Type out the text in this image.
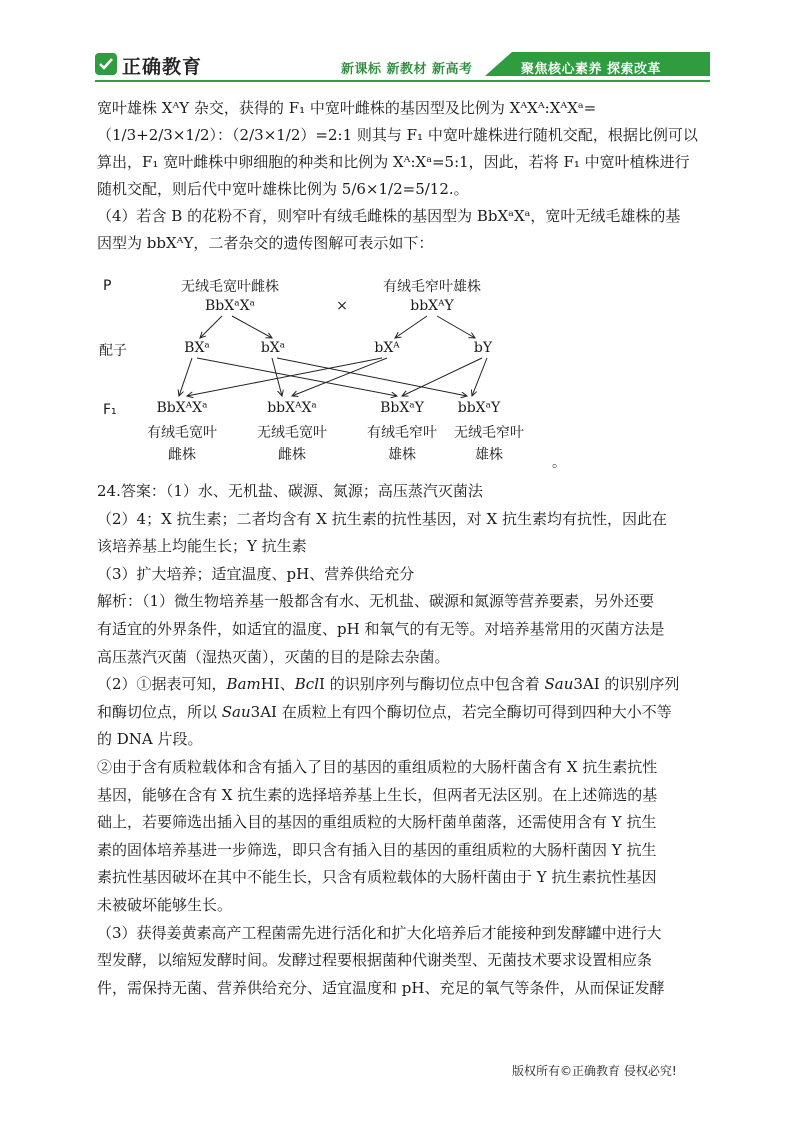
正确教育	新课标 新教材 新高考	聚焦核心素养 探索改革

宽叶雄株 XᴬY 杂交，获得的 F₁ 中宽叶雌株的基因型及比例为 XᴬXᴬ:XᴬXᵃ=

（1/3+2/3×1/2）：（2/3×1/2）=2:1 则其与 F₁ 中宽叶雄株进行随机交配，根据比例可以

算出，F₁ 宽叶雌株中卵细胞的种类和比例为 Xᴬ:Xᵃ=5:1，因此，若将 F₁ 中宽叶植株进行

随机交配，则后代中宽叶雄株比例为 5/6×1/2=5/12.。

（4）若含 B 的花粉不育，则窄叶有绒毛雌株的基因型为 BbXᵃXᵃ，宽叶无绒毛雄株的基

因型为 bbXᴬY，二者杂交的遗传图解可表示如下：

P
配子
F₁
无绒毛宽叶雌株
BbXᵃXᵃ	×
有绒毛窄叶雄株
bbXᴬY
BXᵃ	bXᵃ	bXᴬ	bY
BbXᴬXᵃ
有绒毛宽叶
雌株
bbXᴬXᵃ
无绒毛宽叶
雌株
BbXᵃY
有绒毛窄叶
雄株
bbXᵃY
无绒毛窄叶
雄株	。

24.答案：（1）水、无机盐、碳源、氮源；高压蒸汽灭菌法

（2）4；X 抗生素；二者均含有 X 抗生素的抗性基因，对 X 抗生素均有抗性，因此在

该培养基上均能生长；Y 抗生素

（3）扩大培养；适宜温度、pH、营养供给充分

解析：（1）微生物培养基一般都含有水、无机盐、碳源和氮源等营养要素，另外还要

有适宜的外界条件，如适宜的温度、pH 和氧气的有无等。对培养基常用的灭菌方法是

高压蒸汽灭菌（湿热灭菌），灭菌的目的是除去杂菌。

（2）①据表可知，BamHI、BclI 的识别序列与酶切位点中包含着 Sau3AI 的识别序列

和酶切位点，所以 Sau3AI 在质粒上有四个酶切位点，若完全酶切可得到四种大小不等

的 DNA 片段。

②由于含有质粒载体和含有插入了目的基因的重组质粒的大肠杆菌含有 X 抗生素抗性

基因，能够在含有 X 抗生素的选择培养基上生长，但两者无法区别。在上述筛选的基

础上，若要筛选出插入目的基因的重组质粒的大肠杆菌单菌落，还需使用含有 Y 抗生

素的固体培养基进一步筛选，即只含有插入目的基因的重组质粒的大肠杆菌因 Y 抗生

素抗性基因破坏在其中不能生长，只含有质粒载体的大肠杆菌由于 Y 抗生素抗性基因

未被破坏能够生长。

（3）获得姜黄素高产工程菌需先进行活化和扩大化培养后才能接种到发酵罐中进行大

型发酵，以缩短发酵时间。发酵过程要根据菌种代谢类型、无菌技术要求设置相应条

件，需保持无菌、营养供给充分、适宜温度和 pH、充足的氧气等条件，从而保证发酵

版权所有©正确教育 侵权必究!
